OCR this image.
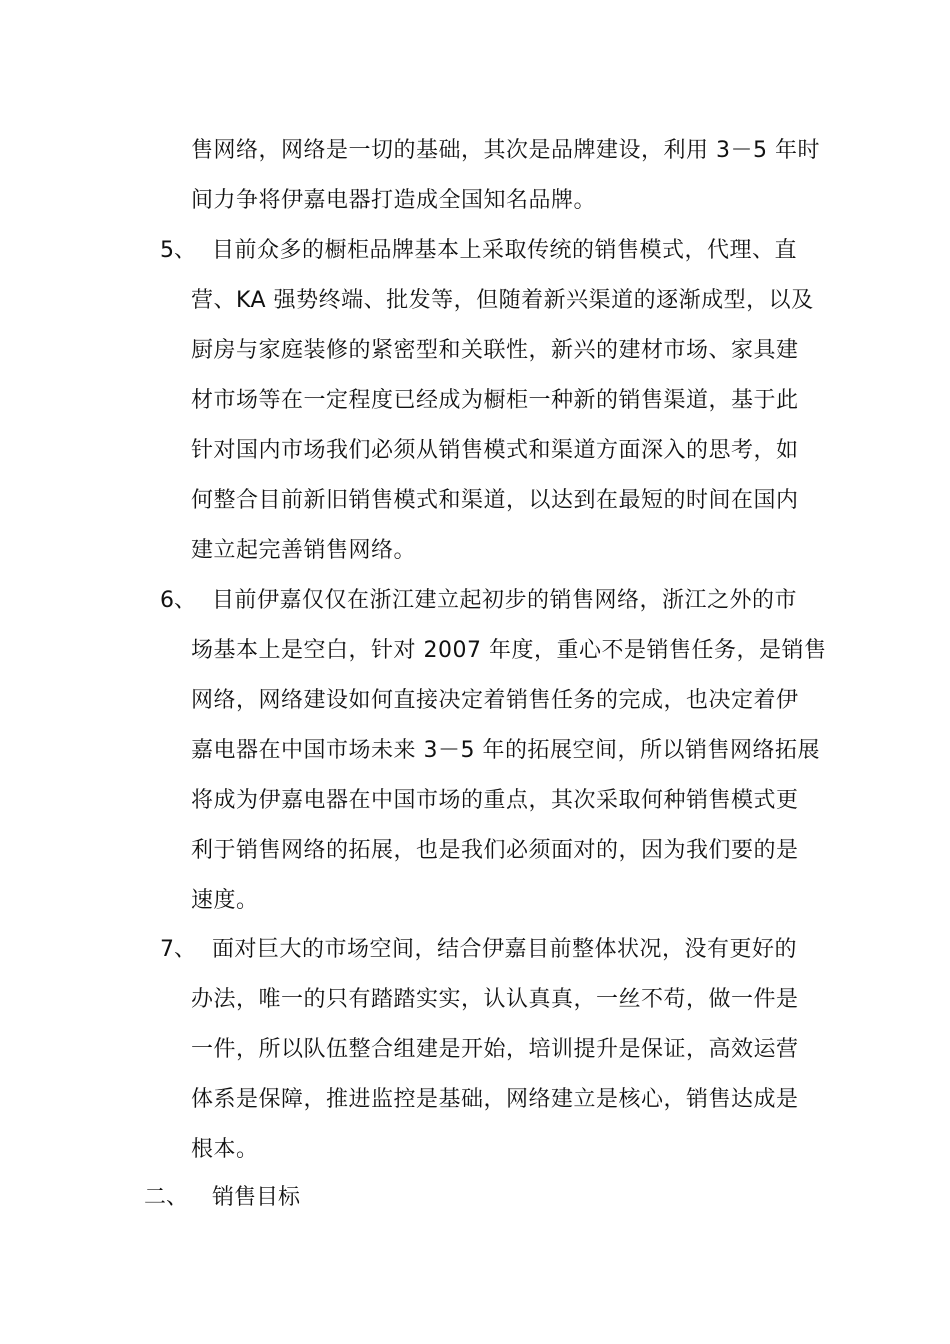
售网络，网络是一切的基础，其次是品牌建设，利用 3－5 年时
间力争将伊嘉电器打造成全国知名品牌。
5、 目前众多的橱柜品牌基本上采取传统的销售模式，代理、直
营、KA 强势终端、批发等，但随着新兴渠道的逐渐成型，以及
厨房与家庭装修的紧密型和关联性，新兴的建材市场、家具建
材市场等在一定程度已经成为橱柜一种新的销售渠道，基于此
针对国内市场我们必须从销售模式和渠道方面深入的思考，如
何整合目前新旧销售模式和渠道，以达到在最短的时间在国内
建立起完善销售网络。
6、 目前伊嘉仅仅在浙江建立起初步的销售网络，浙江之外的市
场基本上是空白，针对 2007 年度，重心不是销售任务，是销售
网络，网络建设如何直接决定着销售任务的完成，也决定着伊
嘉电器在中国市场未来 3－5 年的拓展空间，所以销售网络拓展
将成为伊嘉电器在中国市场的重点，其次采取何种销售模式更
利于销售网络的拓展，也是我们必须面对的，因为我们要的是
速度。
7、 面对巨大的市场空间，结合伊嘉目前整体状况，没有更好的
办法，唯一的只有踏踏实实，认认真真，一丝不苟，做一件是
一件，所以队伍整合组建是开始，培训提升是保证，高效运营
体系是保障，推进监控是基础，网络建立是核心，销售达成是
根本。
二、 销售目标
